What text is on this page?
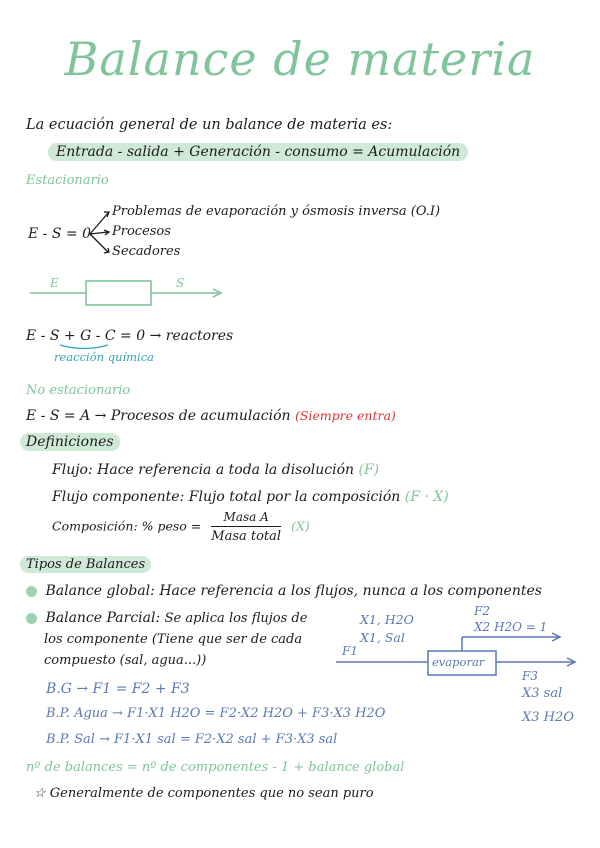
Balance de materia
La ecuación general de un balance de materia es:
Entrada - salida + Generación - consumo = Acumulación
Estacionario
E - S = 0
Problemas de evaporación y ósmosis inversa (O.I)
Procesos
Secadores
E	S
E - S + G - C = 0 → reactores
reacción química
No estacionario
E - S = A → Procesos de acumulación (Siempre entra)
Definiciones
Flujo: Hace referencia a toda la disolución (F)
Flujo componente: Flujo total por la composición (F · X)
Composición: % peso = $\frac{\text{Masa A}}{\text{Masa total}} (X)$
Tipos de Balances
Balance global: Hace referencia a los flujos, nunca a los componentes
Balance Parcial: Se aplica los flujos de
los componente (Tiene que ser de cada
compuesto (sal, agua...))
B.G → F1 = F2 + F3
B.P. Agua → F1·X1 H2O = F2·X2 H2O + F3·X3 H2O
B.P. Sal → F1·X1 sal = F2·X2 sal + F3·X3 sal
nº de balances = nº de componentes - 1 + balance global
☆ Generalmente de componentes que no sean puro
evaporar
F1
X1, H2O
X1, Sal
F2
X2 H2O = 1
F3
X3 sal
X3 H2O
